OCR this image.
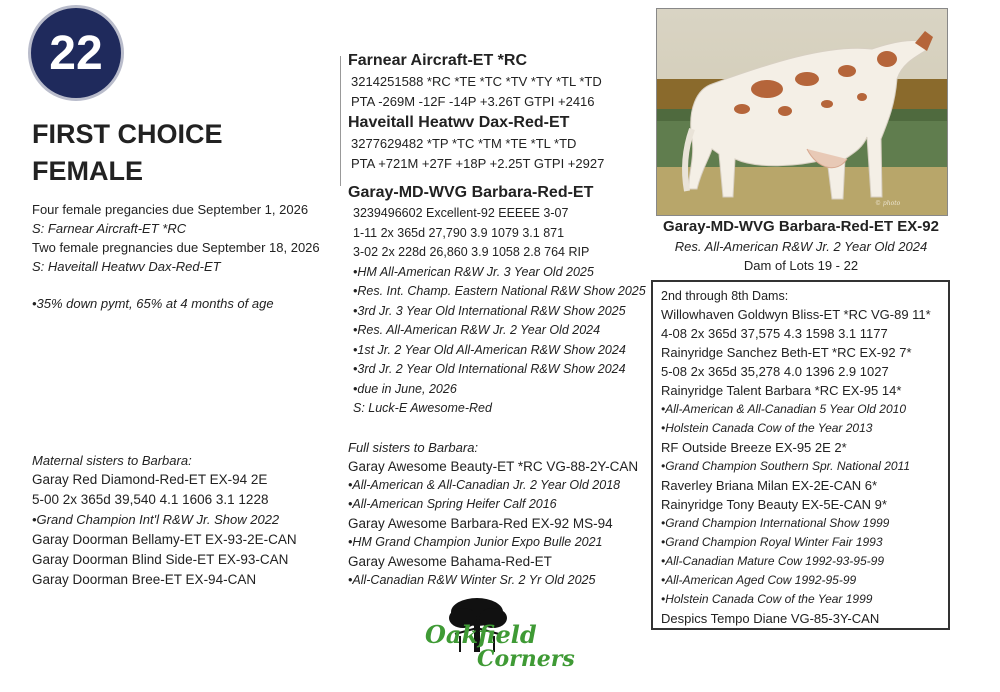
22
FIRST CHOICE
FEMALE
Four female pregancies due September 1, 2026
S: Farnear Aircraft-ET *RC
Two female pregnancies due September 18, 2026
S: Haveitall Heatwv Dax-Red-ET
•35% down pymt, 65% at 4 months of age
Maternal sisters to Barbara:
Garay Red Diamond-Red-ET EX-94 2E
5-00 2x 365d 39,540 4.1 1606 3.1 1228
•Grand Champion Int'l R&W Jr. Show 2022
Garay Doorman Bellamy-ET EX-93-2E-CAN
Garay Doorman Blind Side-ET EX-93-CAN
Garay Doorman Bree-ET EX-94-CAN
Farnear Aircraft-ET *RC
3214251588 *RC *TE *TC *TV *TY *TL *TD
PTA -269M -12F -14P +3.26T GTPI +2416
Haveitall Heatwv Dax-Red-ET
3277629482 *TP *TC *TM *TE *TL *TD
PTA +721M +27F +18P +2.25T GTPI +2927
Garay-MD-WVG Barbara-Red-ET
3239496602 Excellent-92 EEEEE 3-07
1-11 2x 365d 27,790 3.9 1079 3.1 871
3-02 2x 228d 26,860 3.9 1058 2.8 764 RIP
•HM All-American R&W Jr. 3 Year Old 2025
•Res. Int. Champ. Eastern National R&W Show 2025
•3rd Jr. 3 Year Old International R&W Show 2025
•Res. All-American R&W Jr. 2 Year Old 2024
•1st Jr. 2 Year Old All-American R&W Show 2024
•3rd Jr. 2 Year Old International R&W Show 2024
•due in June, 2026
S: Luck-E Awesome-Red
Full sisters to Barbara:
Garay Awesome Beauty-ET *RC VG-88-2Y-CAN
•All-American & All-Canadian Jr. 2 Year Old 2018
•All-American Spring Heifer Calf 2016
Garay Awesome Barbara-Red EX-92 MS-94
•HM Grand Champion Junior Expo Bulle 2021
Garay Awesome Bahama-Red-ET
•All-Canadian R&W Winter Sr. 2 Yr Old 2025
© photo
Garay-MD-WVG Barbara-Red-ET EX-92
Res. All-American R&W Jr. 2 Year Old 2024
Dam of Lots 19 - 22
2nd through 8th Dams:
Willowhaven Goldwyn Bliss-ET *RC VG-89 11*
4-08 2x 365d 37,575 4.3 1598 3.1 1177
Rainyridge Sanchez Beth-ET *RC EX-92 7*
5-08 2x 365d 35,278 4.0 1396 2.9 1027
Rainyridge Talent Barbara *RC EX-95 14*
•All-American & All-Canadian 5 Year Old 2010
•Holstein Canada Cow of the Year 2013
RF Outside Breeze EX-95 2E 2*
•Grand Champion Southern Spr. National 2011
Raverley Briana Milan EX-2E-CAN 6*
Rainyridge Tony Beauty EX-5E-CAN 9*
•Grand Champion International Show 1999
•Grand Champion Royal Winter Fair 1993
•All-Canadian Mature Cow 1992-93-95-99
•All-American Aged Cow 1992-95-99
•Holstein Canada Cow of the Year 1999
Despics Tempo Diane VG-85-3Y-CAN
Oakfield
Corners
